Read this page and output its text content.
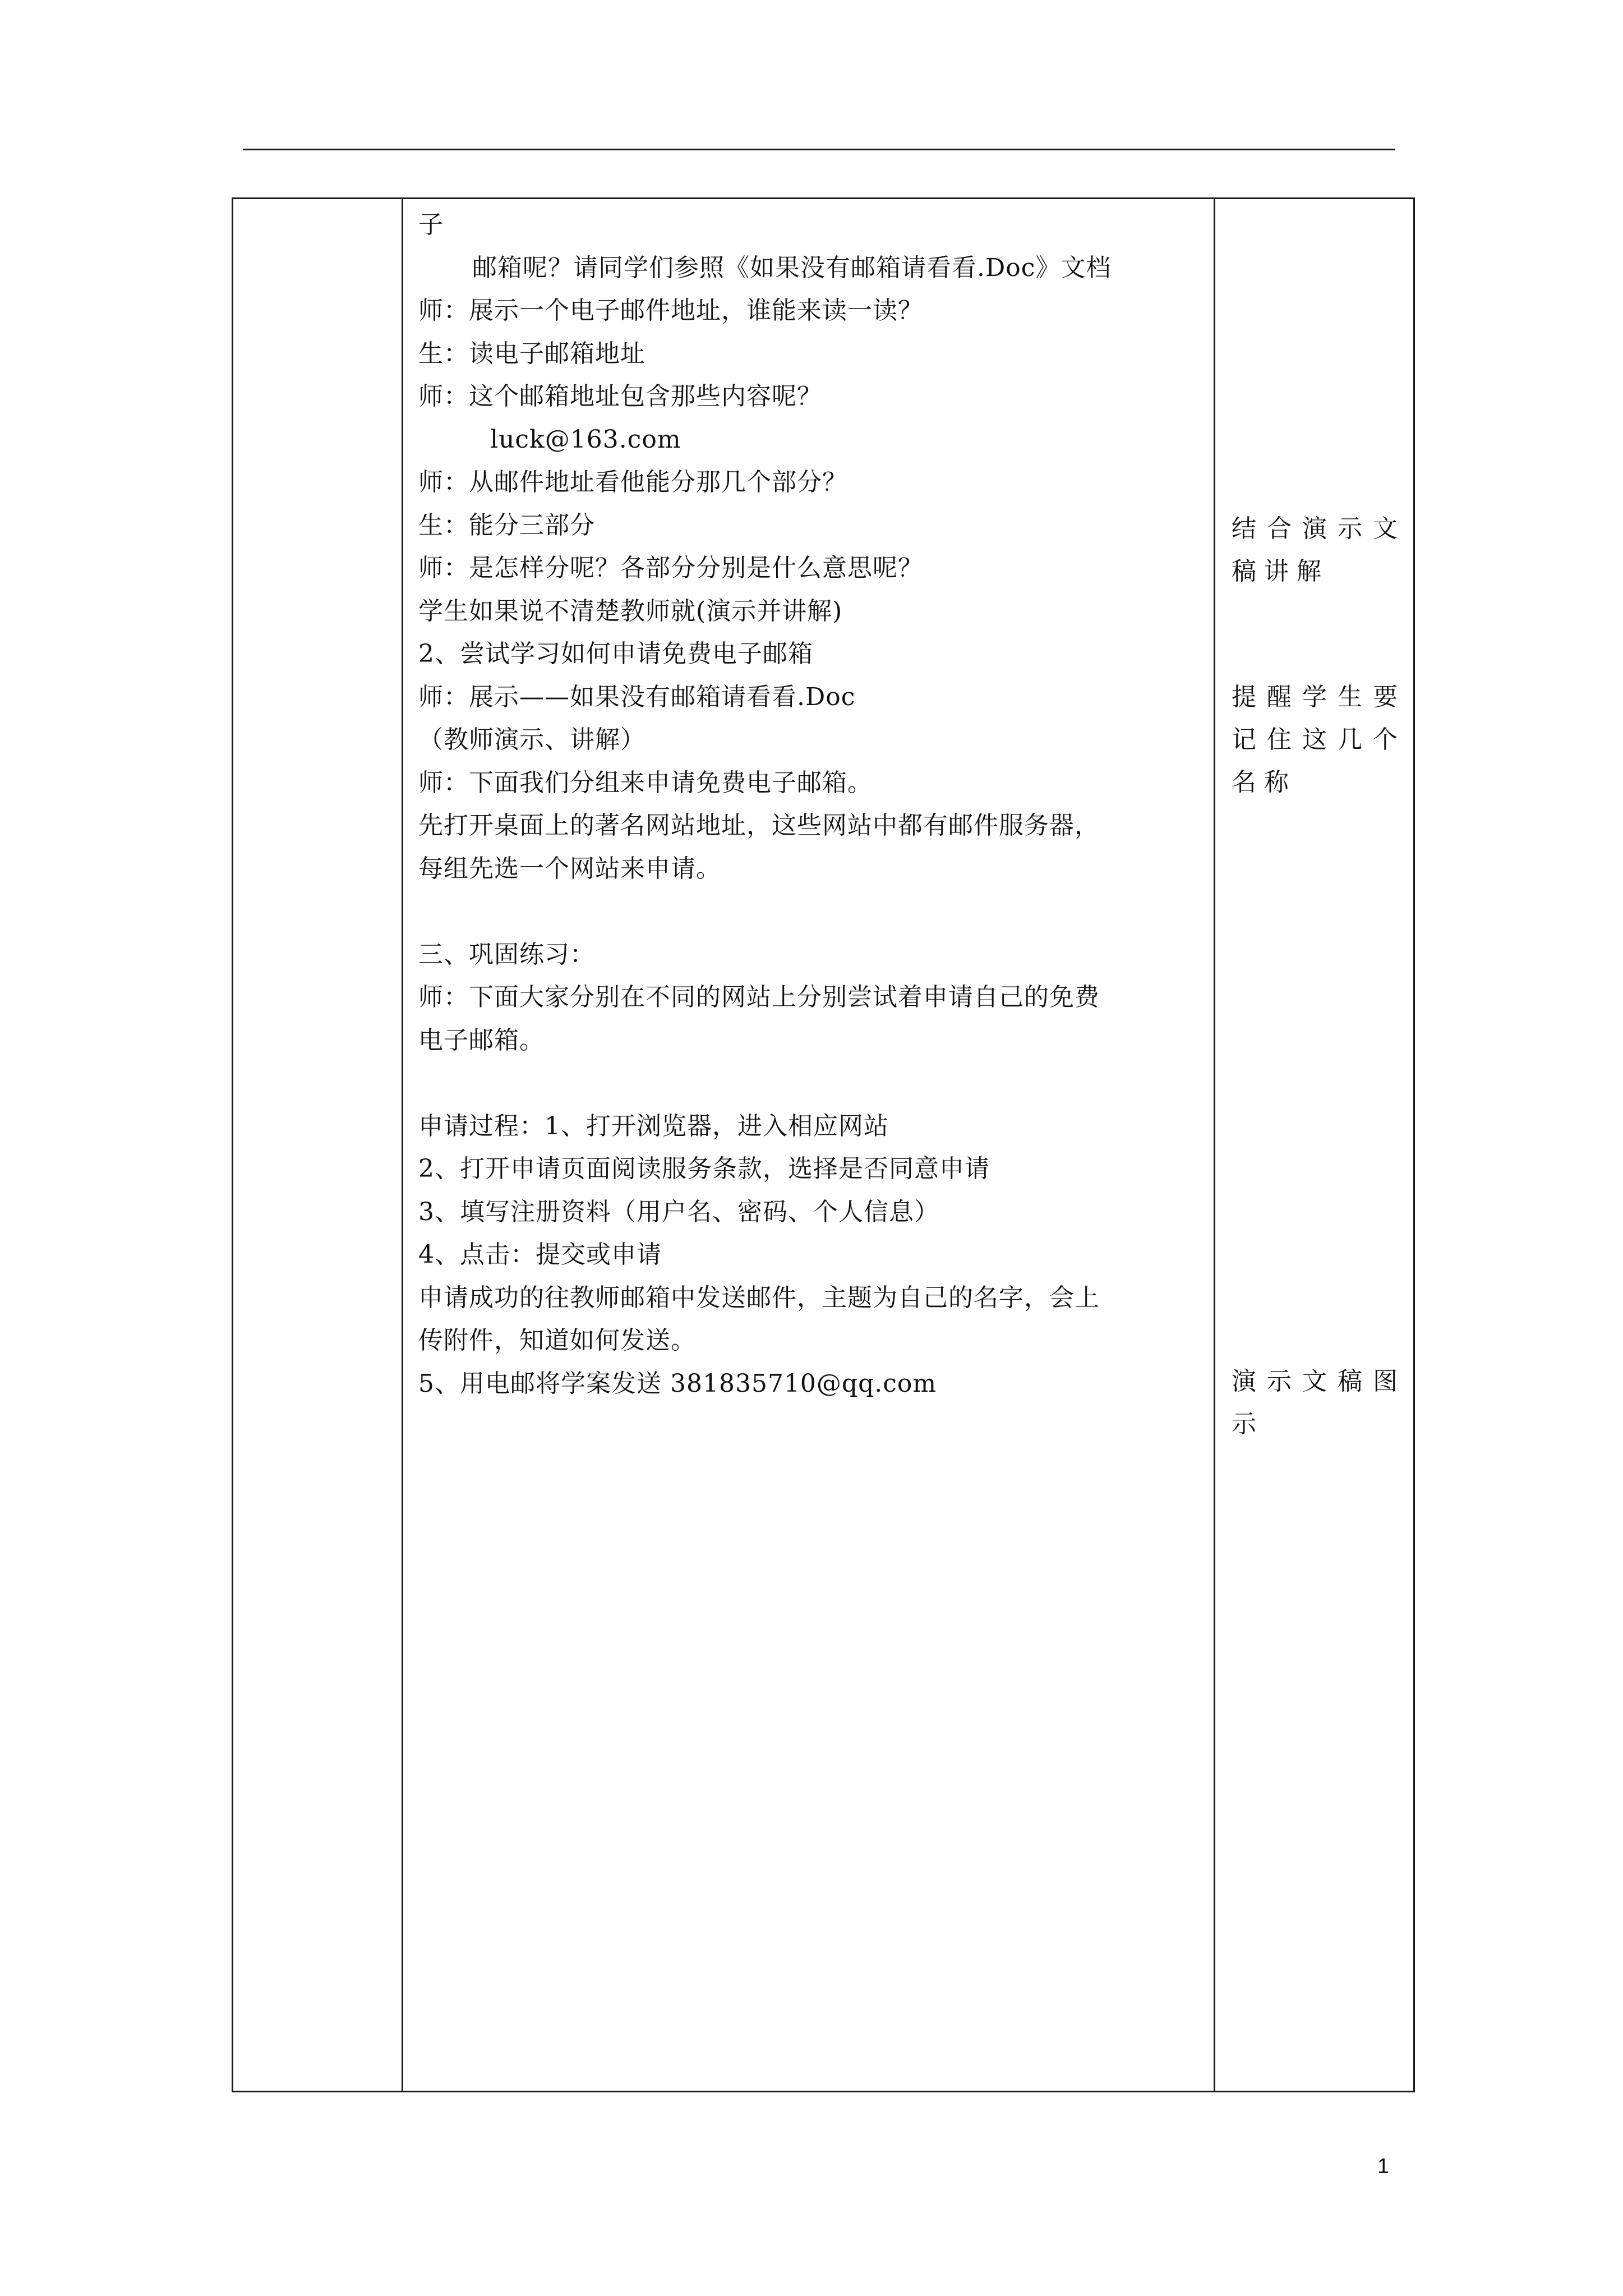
子
邮箱呢？请同学们参照《如果没有邮箱请看看.Doc》文档
师：展示一个电子邮件地址，谁能来读一读？
生：读电子邮箱地址
师：这个邮箱地址包含那些内容呢？
luck@163.com
师：从邮件地址看他能分那几个部分？
生：能分三部分
师：是怎样分呢？各部分分别是什么意思呢？
学生如果说不清楚教师就(演示并讲解)
2、尝试学习如何申请免费电子邮箱
师：展示——如果没有邮箱请看看.Doc
（教师演示、讲解）
师：下面我们分组来申请免费电子邮箱。
先打开桌面上的著名网站地址，这些网站中都有邮件服务器，
每组先选一个网站来申请。
三、巩固练习：
师：下面大家分别在不同的网站上分别尝试着申请自己的免费
电子邮箱。
申请过程：1、打开浏览器，进入相应网站
2、打开申请页面阅读服务条款，选择是否同意申请
3、填写注册资料（用户名、密码、个人信息）
4、点击：提交或申请
申请成功的往教师邮箱中发送邮件，主题为自己的名字，会上
传附件，知道如何发送。
5、用电邮将学案发送 381835710@qq.com
结合演示文稿讲解
提醒学生要记住这几个名称
演示文稿图示
1
